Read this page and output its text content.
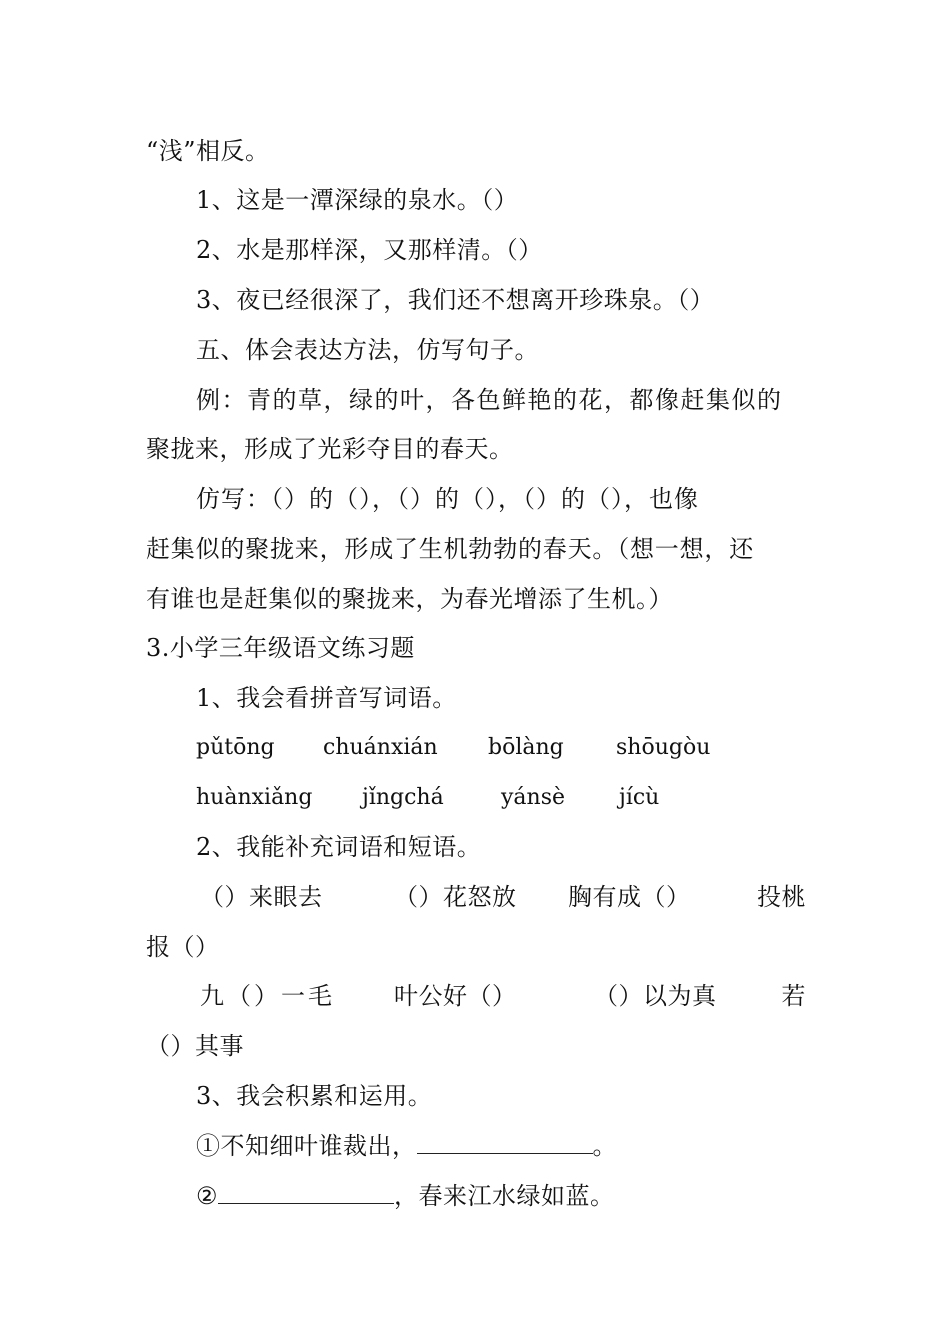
“浅”相反。
1、这是一潭深绿的泉水。（）
2、水是那样深，又那样清。（）
3、夜已经很深了，我们还不想离开珍珠泉。（）
五、体会表达方法，仿写句子。
例：青的草，绿的叶，各色鲜艳的花，都像赶集似的
聚拢来，形成了光彩夺目的春天。
仿写：（）的（），（）的（），（）的（），也像
赶集似的聚拢来，形成了生机勃勃的春天。（想一想，还
有谁也是赶集似的聚拢来，为春光增添了生机。）
3.小学三年级语文练习题
1、我会看拼音写词语。
pǔtōng chuánxián bōlàng shōugòu
huànxiǎng jǐngchá	yánsè jícù
2、我能补充词语和短语。
（）来眼去	（）花怒放 胸有成（）	投桃
报（）
九（）一毛 叶公好（）	（）以为真	若
（）其事
3、我会积累和运用。
①不知细叶谁裁出，	。
②	，春来江水绿如蓝。
